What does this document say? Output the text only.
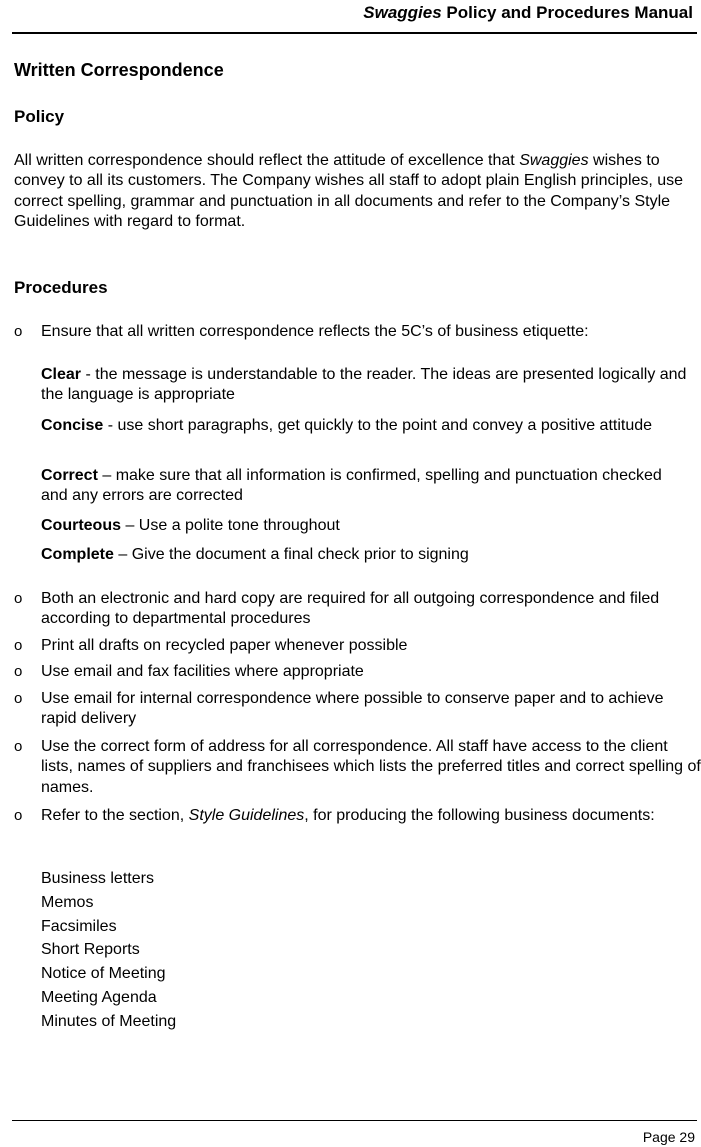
Swaggies Policy and Procedures Manual
Written Correspondence
Policy
All written correspondence should reflect the attitude of excellence that Swaggies wishes to convey to all its customers. The Company wishes all staff to adopt plain English principles, use correct spelling, grammar and punctuation in all documents and refer to the Company’s Style Guidelines with regard to format.
Procedures
o	Ensure that all written correspondence reflects the 5C’s of business etiquette:
Clear - the message is understandable to the reader. The ideas are presented logically and the language is appropriate
Concise - use short paragraphs, get quickly to the point and convey a positive attitude
Correct – make sure that all information is confirmed, spelling and punctuation checked and any errors are corrected
Courteous – Use a polite tone throughout
Complete – Give the document a final check prior to signing
o	Both an electronic and hard copy are required for all outgoing correspondence and filed according to departmental procedures
o	Print all drafts on recycled paper whenever possible
o	Use email and fax facilities where appropriate
o	Use email for internal correspondence where possible to conserve paper and to achieve rapid delivery
o	Use the correct form of address for all correspondence. All staff have access to the client lists, names of suppliers and franchisees which lists the preferred titles and correct spelling of names.
o	Refer to the section, Style Guidelines, for producing the following business documents:
Business letters
Memos
Facsimiles
Short Reports
Notice of Meeting
Meeting Agenda
Minutes of Meeting
Page 29
